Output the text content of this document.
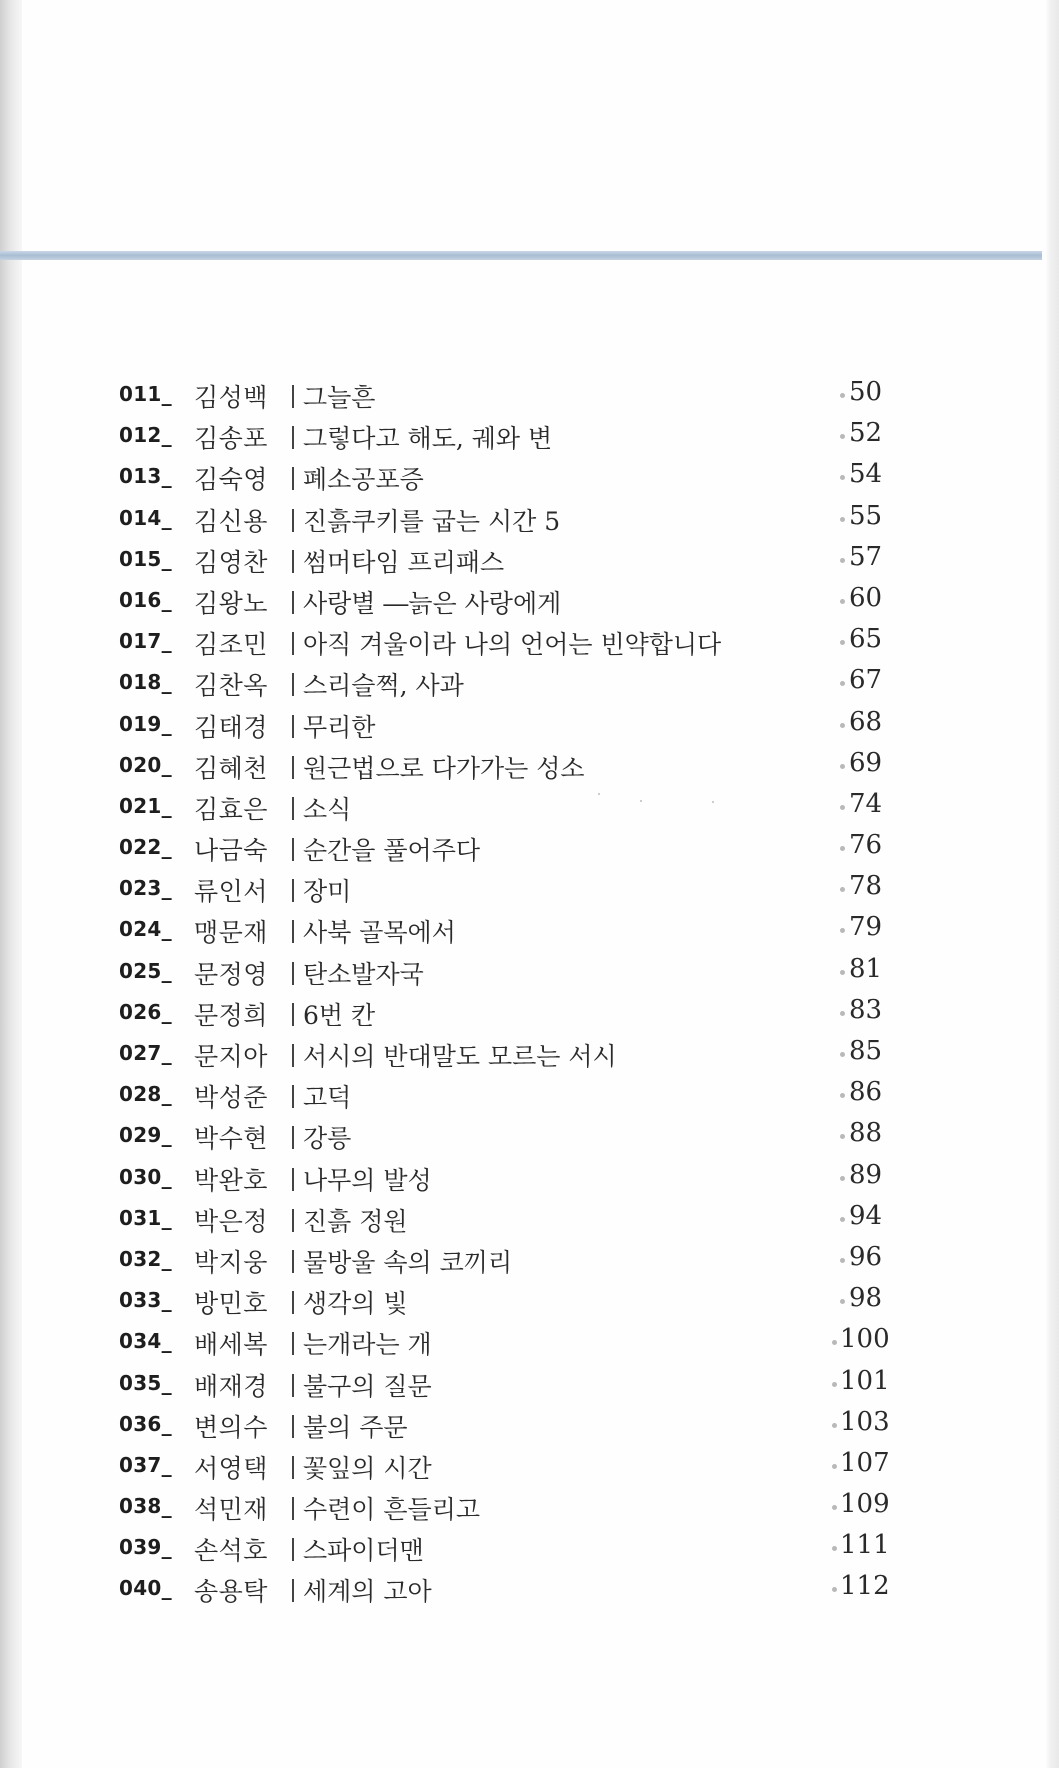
011_ 김성백 그늘흔	50
012_ 김송포 그렇다고 해도, 궤와 변	52
013_ 김숙영 폐소공포증	54
014_ 김신용 진흙쿠키를 굽는 시간 5	55
015_ 김영찬 썸머타임 프리패스	57
016_ 김왕노 사랑별 ―늙은 사랑에게	60
017_ 김조민 아직 겨울이라 나의 언어는 빈약합니다	65
018_ 김찬옥 스리슬쩍, 사과	67
019_ 김태경 무리한	68
020_ 김혜천 원근법으로 다가가는 성소	69
021_ 김효은 소식	74
022_ 나금숙 순간을 풀어주다	76
023_ 류인서 장미	78
024_ 맹문재 사북 골목에서	79
025_ 문정영 탄소발자국	81
026_ 문정희 6번 칸	83
027_ 문지아 서시의 반대말도 모르는 서시	85
028_ 박성준 고덕	86
029_ 박수현 강릉	88
030_ 박완호 나무의 발성	89
031_ 박은정 진흙 정원	94
032_ 박지웅 물방울 속의 코끼리	96
033_ 방민호 생각의 빛	98
034_ 배세복 는개라는 개	100
035_ 배재경 불구의 질문	101
036_ 변의수 불의 주문	103
037_ 서영택 꽃잎의 시간	107
038_ 석민재 수련이 흔들리고	109
039_ 손석호 스파이더맨	111
040_ 송용탁 세계의 고아	112
